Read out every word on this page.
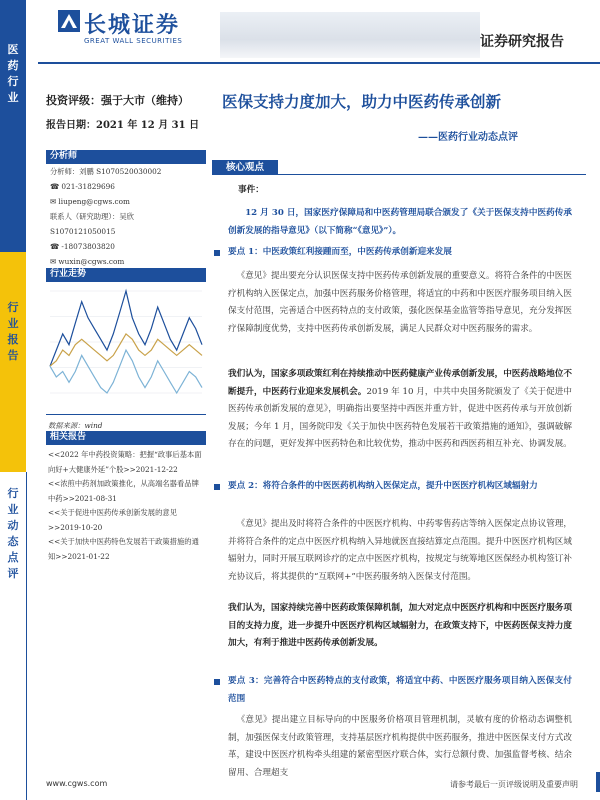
长城证券
GREAT WALL SECURITIES	证券研究报告
医
药
行
业
行
业
报
告
行
业
动
态
点
评
投资评级：强于大市（维持）
报告日期：2021 年 12 月 31 日
分析师
分析师：刘鹏 S1070520030002
☎ 021-31829696
✉ liupeng@cgws.com
联系人（研究助理）：吴欣
S1070121050015
☎ -18073803820
✉ wuxin@cgws.com
行业走势
数据来源：wind
相关报告
<<2022 年中药投资策略：把握“政事后基本面向好+大健康外延”个股>>2021-12-22
<<浓煎中药剂加政策推化，从高端名器看品牌中药>>2021-08-31
<<关于促进中医药传承创新发展的意见>>2019-10-20
<<关于加快中医药特色发展若干政策措施的通知>>2021-01-22
医保支持力度加大，助力中医药传承创新
——医药行业动态点评
核心观点
事件：
12 月 30 日，国家医疗保障局和中医药管理局联合颁发了《关于医保支持中医药传承创新发展的指导意见》（以下简称“《意见》”）。
要点 1：中医政策红利接踵而至，中医药传承创新迎来发展
《意见》提出要充分认识医保支持中医药传承创新发展的重要意义。将符合条件的中医医疗机构纳入医保定点，加强中医药服务价格管理，将适宜的中药和中医医疗服务项目纳入医保支付范围，完善适合中医药特点的支付政策，强化医保基金监管等指导意见，充分发挥医疗保障制度优势，支持中医药传承创新发展，满足人民群众对中医药服务的需求。
我们认为，国家多项政策红利在持续推动中医药健康产业传承创新发展，中医药战略地位不断提升，中医药行业迎来发展机会。2019 年 10 月，中共中央国务院颁发了《关于促进中医药传承创新发展的意见》，明确指出要坚持中西医并重方针，促进中医药传承与开放创新发展；今年 1 月，国务院印发《关于加快中医药特色发展若干政策措施的通知》，强调破解存在的问题，更好发挥中医药特色和比较优势，推动中医药和西医药相互补充、协调发展。
要点 2：将符合条件的中医医药机构纳入医保定点，提升中医医疗机构区域辐射力
《意见》提出及时将符合条件的中医医疗机构、中药零售药店等纳入医保定点协议管理，并将符合条件的定点中医医疗机构纳入异地就医直接结算定点范围。提升中医医疗机构区域辐射力，同时开展互联网诊疗的定点中医医疗机构，按规定与统筹地区医保经办机构签订补充协议后，将其提供的“互联网+”中医药服务纳入医保支付范围。
我们认为，国家持续完善中医药政策保障机制，加大对定点中医医疗机构和中医医疗服务项目的支持力度，进一步提升中医医疗机构区域辐射力，在政策支持下，中医药医保支持力度加大，有利于推进中医药传承创新发展。
要点 3：完善符合中医药特点的支付政策，将适宜中药、中医医疗服务项目纳入医保支付范围
《意见》提出建立目标导向的中医服务价格项目管理机制，灵敏有度的价格动态调整机制，加强医保支付政策管理，支持基层医疗机构提供中医药服务，推进中医医保支付方式改革，建设中医医疗机构牵头组建的紧密型医疗联合体，实行总额付费、加强监督考核、结余留用、合理超支
www.cgws.com	请参考最后一页评级说明及重要声明
